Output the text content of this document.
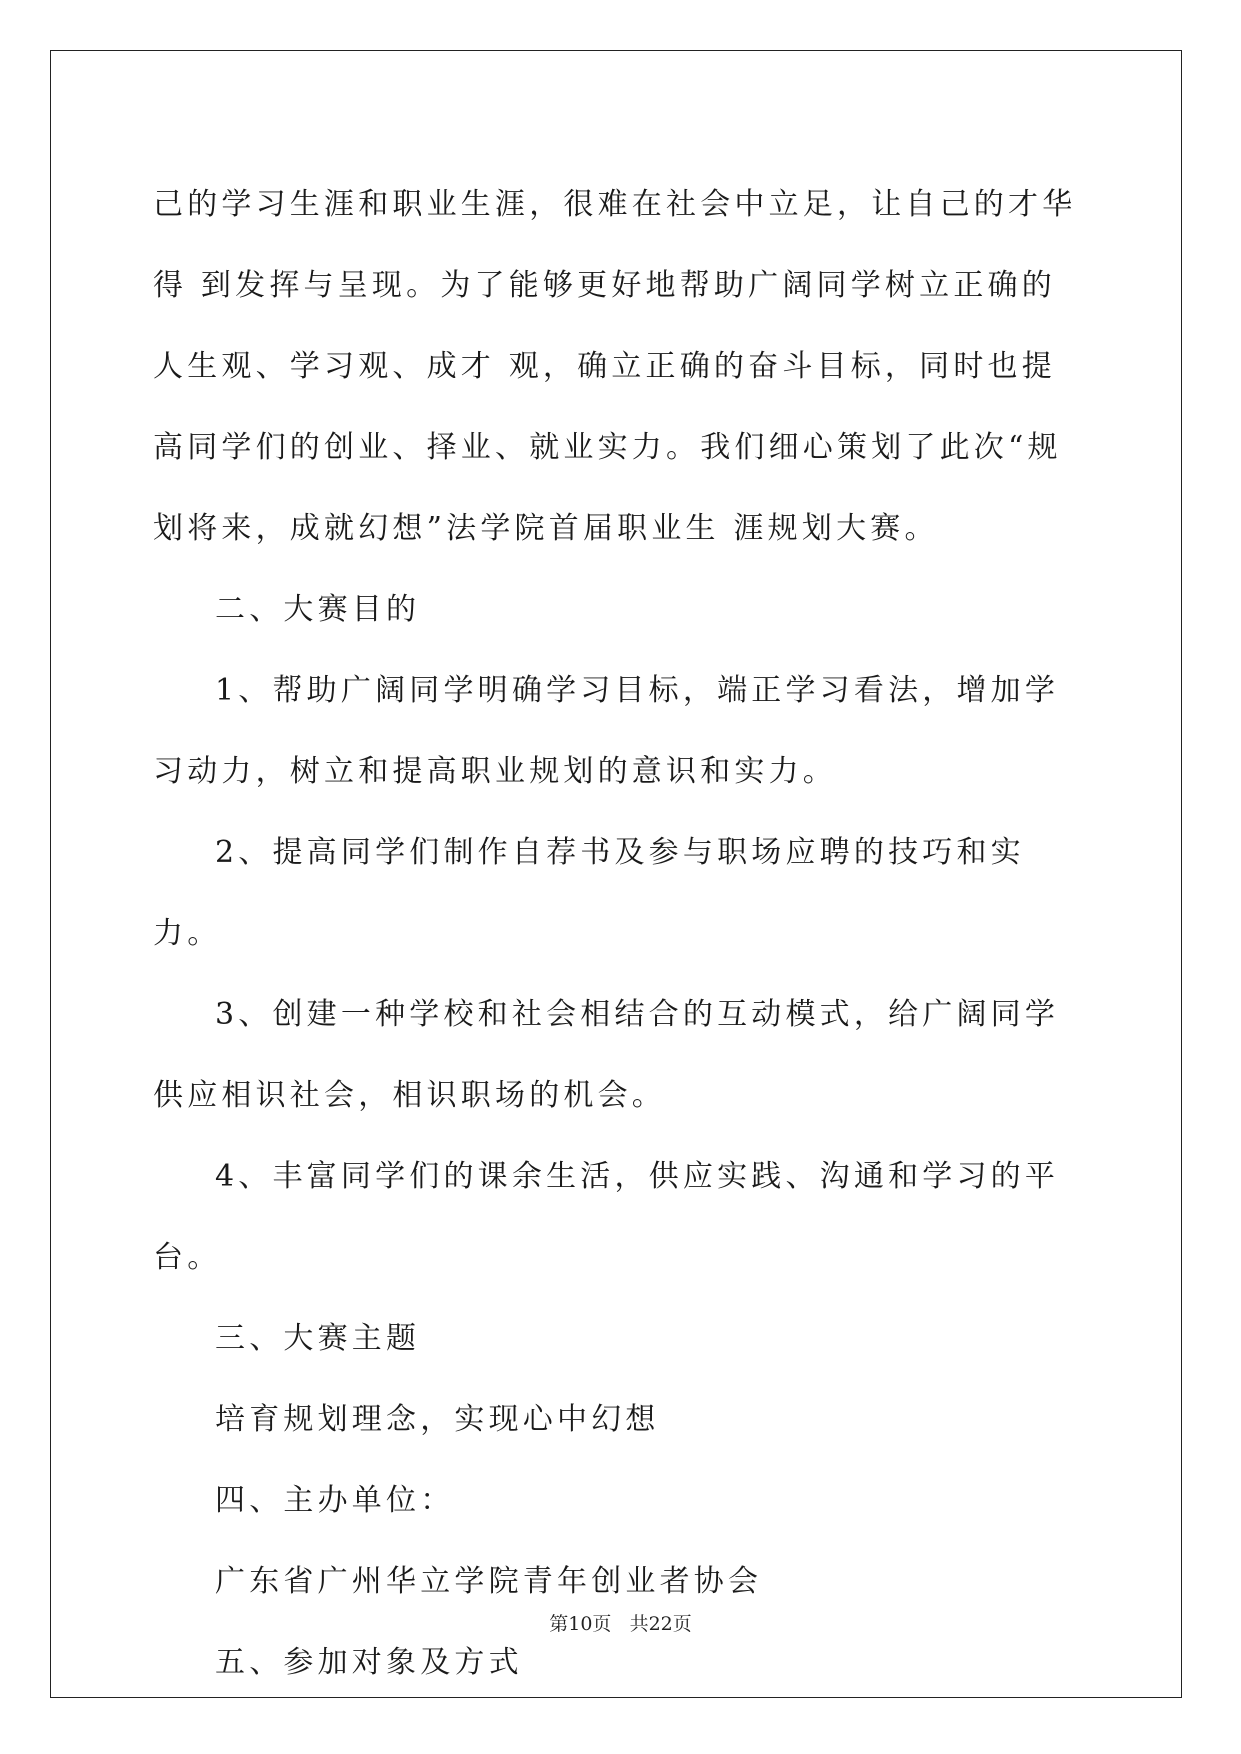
己的学习生涯和职业生涯，很难在社会中立足，让自己的才华得 到发挥与呈现。为了能够更好地帮助广阔同学树立正确的人生观、学习观、成才 观，确立正确的奋斗目标，同时也提高同学们的创业、择业、就业实力。我们细心策划了此次“规划将来，成就幻想”法学院首届职业生 涯规划大赛。

二、大赛目的

1、帮助广阔同学明确学习目标，端正学习看法，增加学习动力，树立和提高职业规划的意识和实力。

2、提高同学们制作自荐书及参与职场应聘的技巧和实力。

3、创建一种学校和社会相结合的互动模式，给广阔同学供应相识社会，相识职场的机会。

4、丰富同学们的课余生活，供应实践、沟通和学习的平台。

三、大赛主题

培育规划理念，实现心中幻想

四、主办单位：

广东省广州华立学院青年创业者协会

五、参加对象及方式

第10页 共22页
